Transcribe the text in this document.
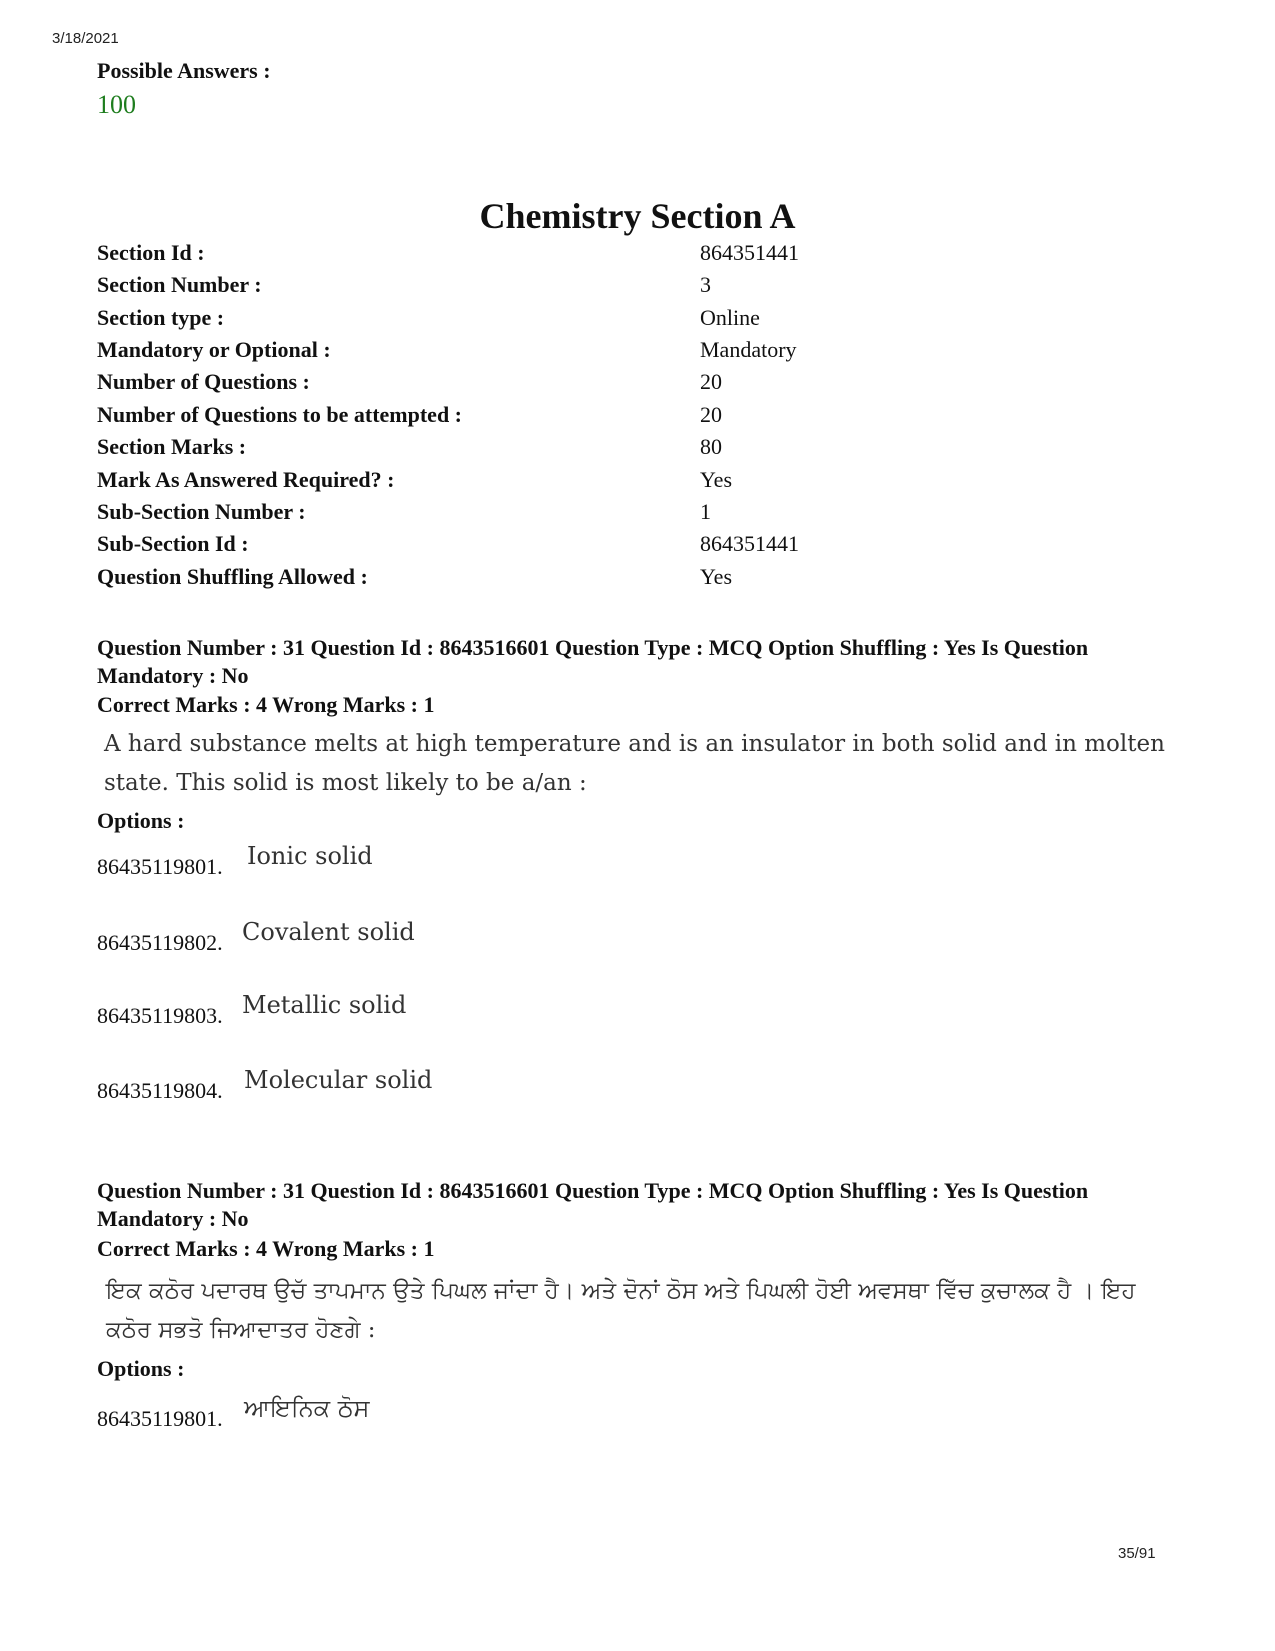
3/18/2021
35/91
Possible Answers :
100
Chemistry Section A
Section Id :	864351441
Section Number :	3
Section type :	Online
Mandatory or Optional :	Mandatory
Number of Questions :	20
Number of Questions to be attempted :	20
Section Marks :	80
Mark As Answered Required? :	Yes
Sub-Section Number :	1
Sub-Section Id :	864351441
Question Shuffling Allowed :	Yes
Question Number : 31 Question Id : 8643516601 Question Type : MCQ Option Shuffling : Yes Is Question Mandatory : No
Correct Marks : 4 Wrong Marks : 1
A hard substance melts at high temperature and is an insulator in both solid and in molten state. This solid is most likely to be a/an :
Options :
86435119801. Ionic solid
86435119802. Covalent solid
86435119803. Metallic solid
86435119804. Molecular solid
Question Number : 31 Question Id : 8643516601 Question Type : MCQ Option Shuffling : Yes Is Question Mandatory : No
Correct Marks : 4 Wrong Marks : 1
ਇਕ ਕਠੋਰ ਪਦਾਰਥ ਉਚੱ ਤਾਪਮਾਨ ਉਤੇ ਪਿਘਲ ਜਾਂਦਾ ਹੈ। ਅਤੇ ਦੋਨਾਂ ਠੋਸ ਅਤੇ ਪਿਘਲੀ ਹੋਈ ਅਵਸਥਾ ਵਿੱਚ ਕੁਚਾਲਕ ਹੈ । ਇਹ ਕਠੋਰ ਸਭਤੋ ਜਿਆਦਾਤਰ ਹੋਣਗੇ :
Options :
86435119801. ਆਇਨਿਕ ਠੋਸ
